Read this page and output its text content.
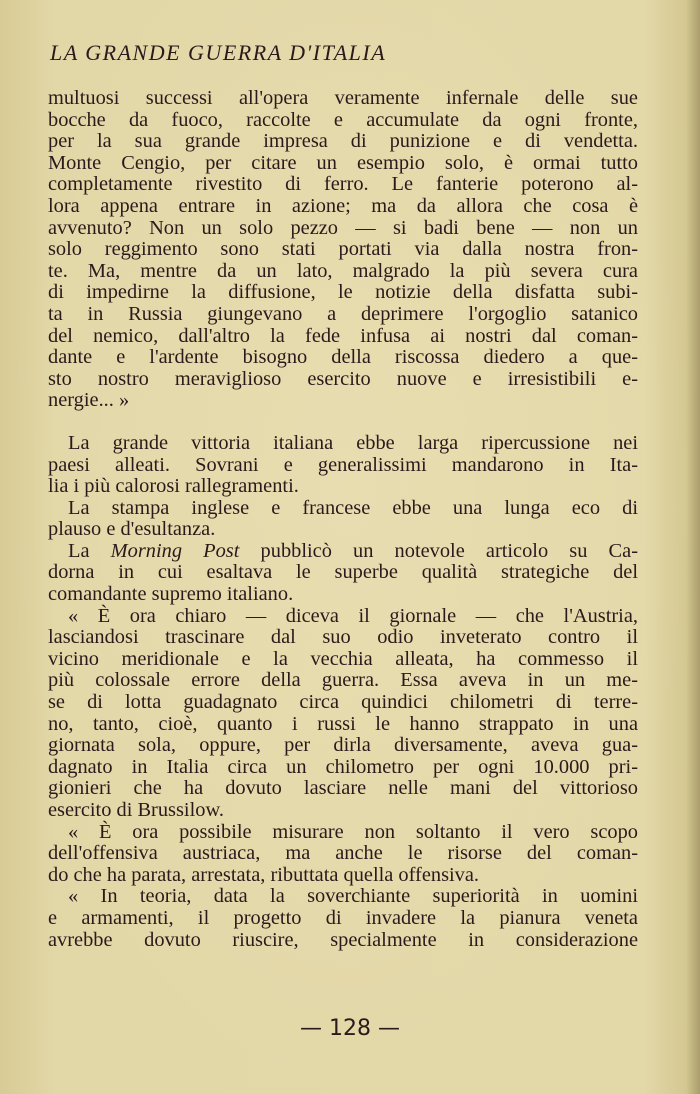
LA GRANDE GUERRA D'ITALIA
multuosi successi all'opera veramente infernale delle sue
bocche da fuoco, raccolte e accumulate da ogni fronte,
per la sua grande impresa di punizione e di vendetta.
Monte Cengio, per citare un esempio solo, è ormai tutto
completamente rivestito di ferro. Le fanterie poterono al-
lora appena entrare in azione; ma da allora che cosa è
avvenuto? Non un solo pezzo — si badi bene — non un
solo reggimento sono stati portati via dalla nostra fron-
te. Ma, mentre da un lato, malgrado la più severa cura
di impedirne la diffusione, le notizie della disfatta subi-
ta in Russia giungevano a deprimere l'orgoglio satanico
del nemico, dall'altro la fede infusa ai nostri dal coman-
dante e l'ardente bisogno della riscossa diedero a que-
sto nostro meraviglioso esercito nuove e irresistibili e-
nergie... »
La grande vittoria italiana ebbe larga ripercussione nei
paesi alleati. Sovrani e generalissimi mandarono in Ita-
lia i più calorosi rallegramenti.
La stampa inglese e francese ebbe una lunga eco di
plauso e d'esultanza.
La Morning Post pubblicò un notevole articolo su Ca-
dorna in cui esaltava le superbe qualità strategiche del
comandante supremo italiano.
« È ora chiaro — diceva il giornale — che l'Austria,
lasciandosi trascinare dal suo odio inveterato contro il
vicino meridionale e la vecchia alleata, ha commesso il
più colossale errore della guerra. Essa aveva in un me-
se di lotta guadagnato circa quindici chilometri di terre-
no, tanto, cioè, quanto i russi le hanno strappato in una
giornata sola, oppure, per dirla diversamente, aveva gua-
dagnato in Italia circa un chilometro per ogni 10.000 pri-
gionieri che ha dovuto lasciare nelle mani del vittorioso
esercito di Brussilow.
« È ora possibile misurare non soltanto il vero scopo
dell'offensiva austriaca, ma anche le risorse del coman-
do che ha parata, arrestata, ributtata quella offensiva.
« In teoria, data la soverchiante superiorità in uomini
e armamenti, il progetto di invadere la pianura veneta
avrebbe dovuto riuscire, specialmente in considerazione
— 128 —
